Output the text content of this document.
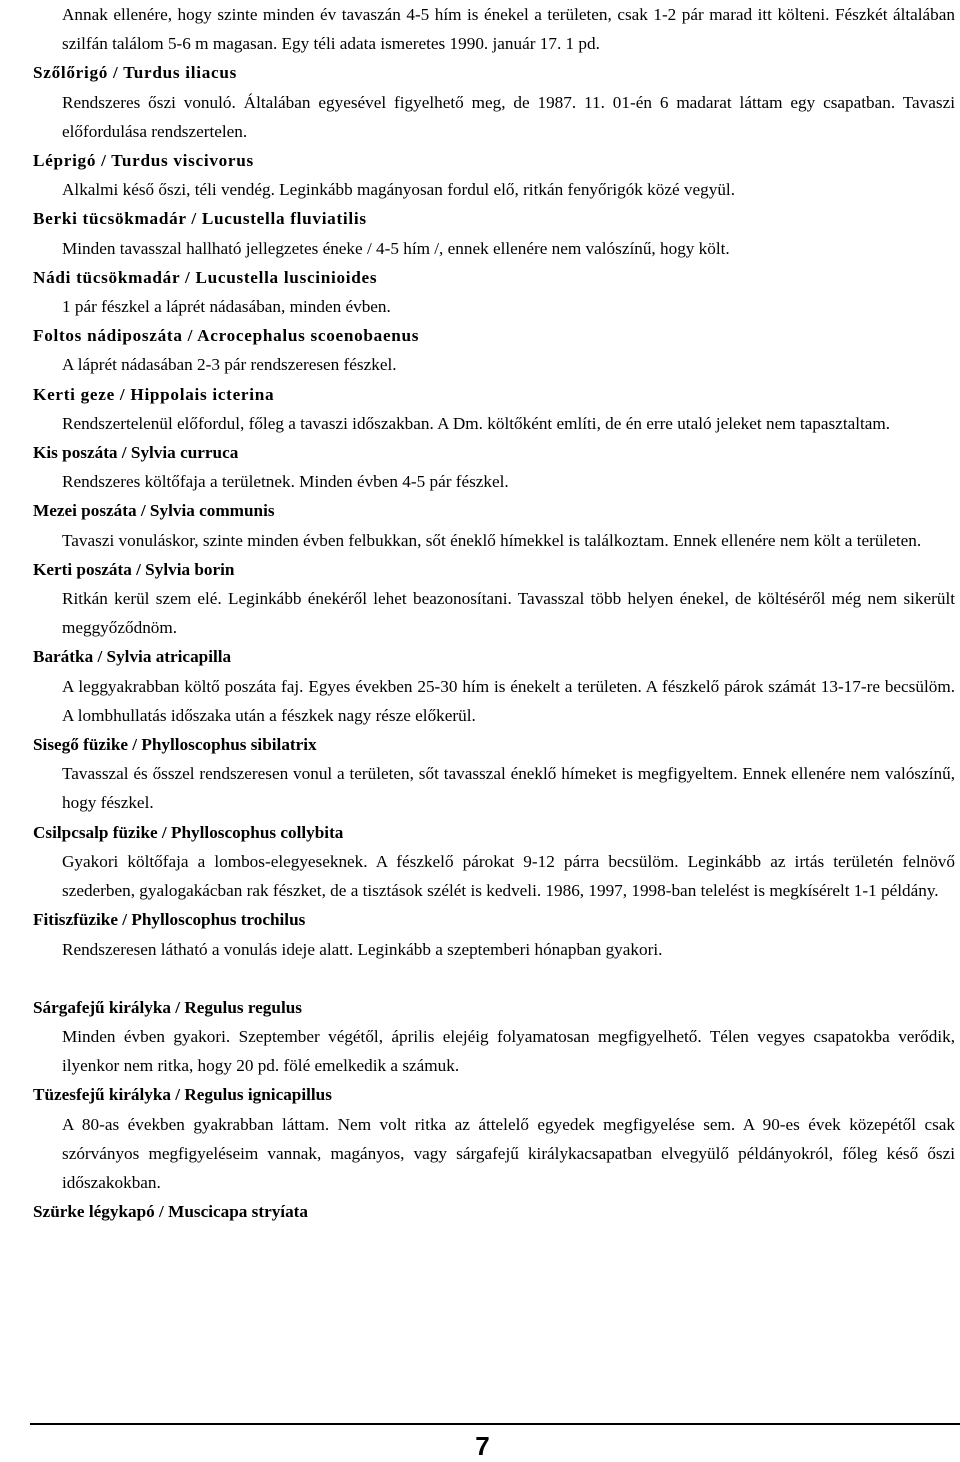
Annak ellenére, hogy szinte minden év tavaszán 4-5 hím is énekel a területen, csak 1-2 pár marad itt költeni. Fészkét általában szilfán találom 5-6 m magasan. Egy téli adata ismeretes 1990. január 17. 1 pd.

Szőlőrigó / Turdus iliacus

Rendszeres őszi vonuló. Általában egyesével figyelhető meg, de 1987. 11. 01-én 6 madarat láttam egy csapatban. Tavaszi előfordulása rendszertelen.

Léprigó / Turdus viscivorus

Alkalmi késő őszi, téli vendég. Leginkább magányosan fordul elő, ritkán fenyőrigók közé vegyül.

Berki tücsökmadár / Lucustella fluviatilis

Minden tavasszal hallható jellegzetes éneke / 4-5 hím /, ennek ellenére nem valószínű, hogy költ.

Nádi tücsökmadár / Lucustella luscinioides

1 pár fészkel a láprét nádasában, minden évben.

Foltos nádiposzáta / Acrocephalus scoenobaenus

A láprét nádasában 2-3 pár rendszeresen fészkel.

Kerti geze / Hippolais icterina

Rendszertelenül előfordul, főleg a tavaszi időszakban. A Dm. költőként említi, de én erre utaló jeleket nem tapasztaltam.

Kis poszáta / Sylvia curruca

Rendszeres költőfaja a területnek. Minden évben 4-5 pár fészkel.

Mezei poszáta / Sylvia communis

Tavaszi vonuláskor, szinte minden évben felbukkan, sőt éneklő hímekkel is találkoztam. Ennek ellenére nem költ a területen.

Kerti poszáta / Sylvia borin

Ritkán kerül szem elé. Leginkább énekéről lehet beazonosítani. Tavasszal több helyen énekel, de költéséről még nem sikerült meggyőződnöm.

Barátka / Sylvia atricapilla

A leggyakrabban költő poszáta faj. Egyes években 25-30 hím is énekelt a területen. A fészkelő párok számát 13-17-re becsülöm. A lombhullatás időszaka után a fészkek nagy része előkerül.

Sisegő füzike / Phylloscophus sibilatrix

Tavasszal és ősszel rendszeresen vonul a területen, sőt tavasszal éneklő hímeket is megfigyeltem. Ennek ellenére nem valószínű, hogy fészkel.

Csilpcsalp füzike / Phylloscophus collybita

Gyakori költőfaja a lombos-elegyeseknek. A fészkelő párokat 9-12 párra becsülöm. Leginkább az irtás területén felnövő szederben, gyalogakácban rak fészket, de a tisztások szélét is kedveli. 1986, 1997, 1998-ban telelést is megkísérelt 1-1 példány.

Fitiszfüzike / Phylloscophus trochilus

Rendszeresen látható a vonulás ideje alatt. Leginkább a szeptemberi hónapban gyakori.

Sárgafejű királyka / Regulus regulus

Minden évben gyakori. Szeptember végétől, április elejéig folyamatosan megfigyelhető. Télen vegyes csapatokba verődik, ilyenkor nem ritka, hogy 20 pd. fölé emelkedik a számuk.

Tüzesfejű királyka / Regulus ignicapillus

A 80-as években gyakrabban láttam. Nem volt ritka az áttelelő egyedek megfigyelése sem. A 90-es évek közepétől csak szórványos megfigyeléseim vannak, magányos, vagy sárgafejű királykacsapatban elvegyülő példányokról, főleg késő őszi időszakokban.

Szürke légykapó / Muscicapa stryíata

7
